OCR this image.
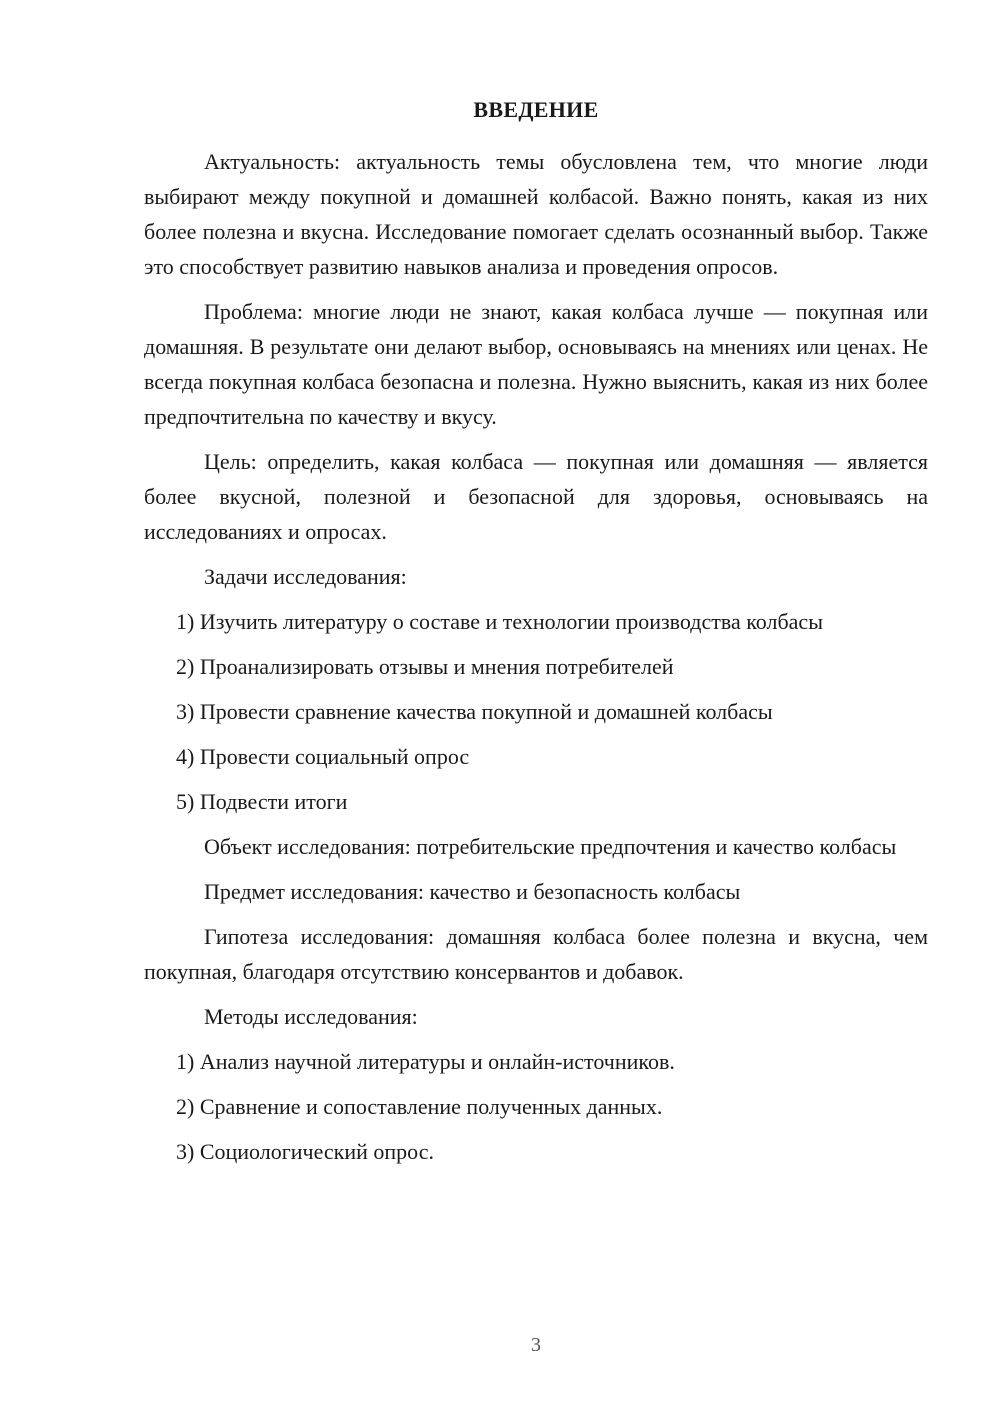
ВВЕДЕНИЕ

Актуальность: актуальность темы обусловлена тем, что многие люди выбирают между покупной и домашней колбасой. Важно понять, какая из них более полезна и вкусна. Исследование помогает сделать осознанный выбор. Также это способствует развитию навыков анализа и проведения опросов.

Проблема: многие люди не знают, какая колбаса лучше — покупная или домашняя. В результате они делают выбор, основываясь на мнениях или ценах. Не всегда покупная колбаса безопасна и полезна. Нужно выяснить, какая из них более предпочтительна по качеству и вкусу.

Цель: определить, какая колбаса — покупная или домашняя — является более вкусной, полезной и безопасной для здоровья, основываясь на исследованиях и опросах.

Задачи исследования:
1) Изучить литературу о составе и технологии производства колбасы
2) Проанализировать отзывы и мнения потребителей
3) Провести сравнение качества покупной и домашней колбасы
4) Провести социальный опрос
5) Подвести итоги

Объект исследования: потребительские предпочтения и качество колбасы

Предмет исследования: качество и безопасность колбасы

Гипотеза исследования: домашняя колбаса более полезна и вкусна, чем покупная, благодаря отсутствию консервантов и добавок.

Методы исследования:
1) Анализ научной литературы и онлайн-источников.
2) Сравнение и сопоставление полученных данных.
3) Социологический опрос.
3
